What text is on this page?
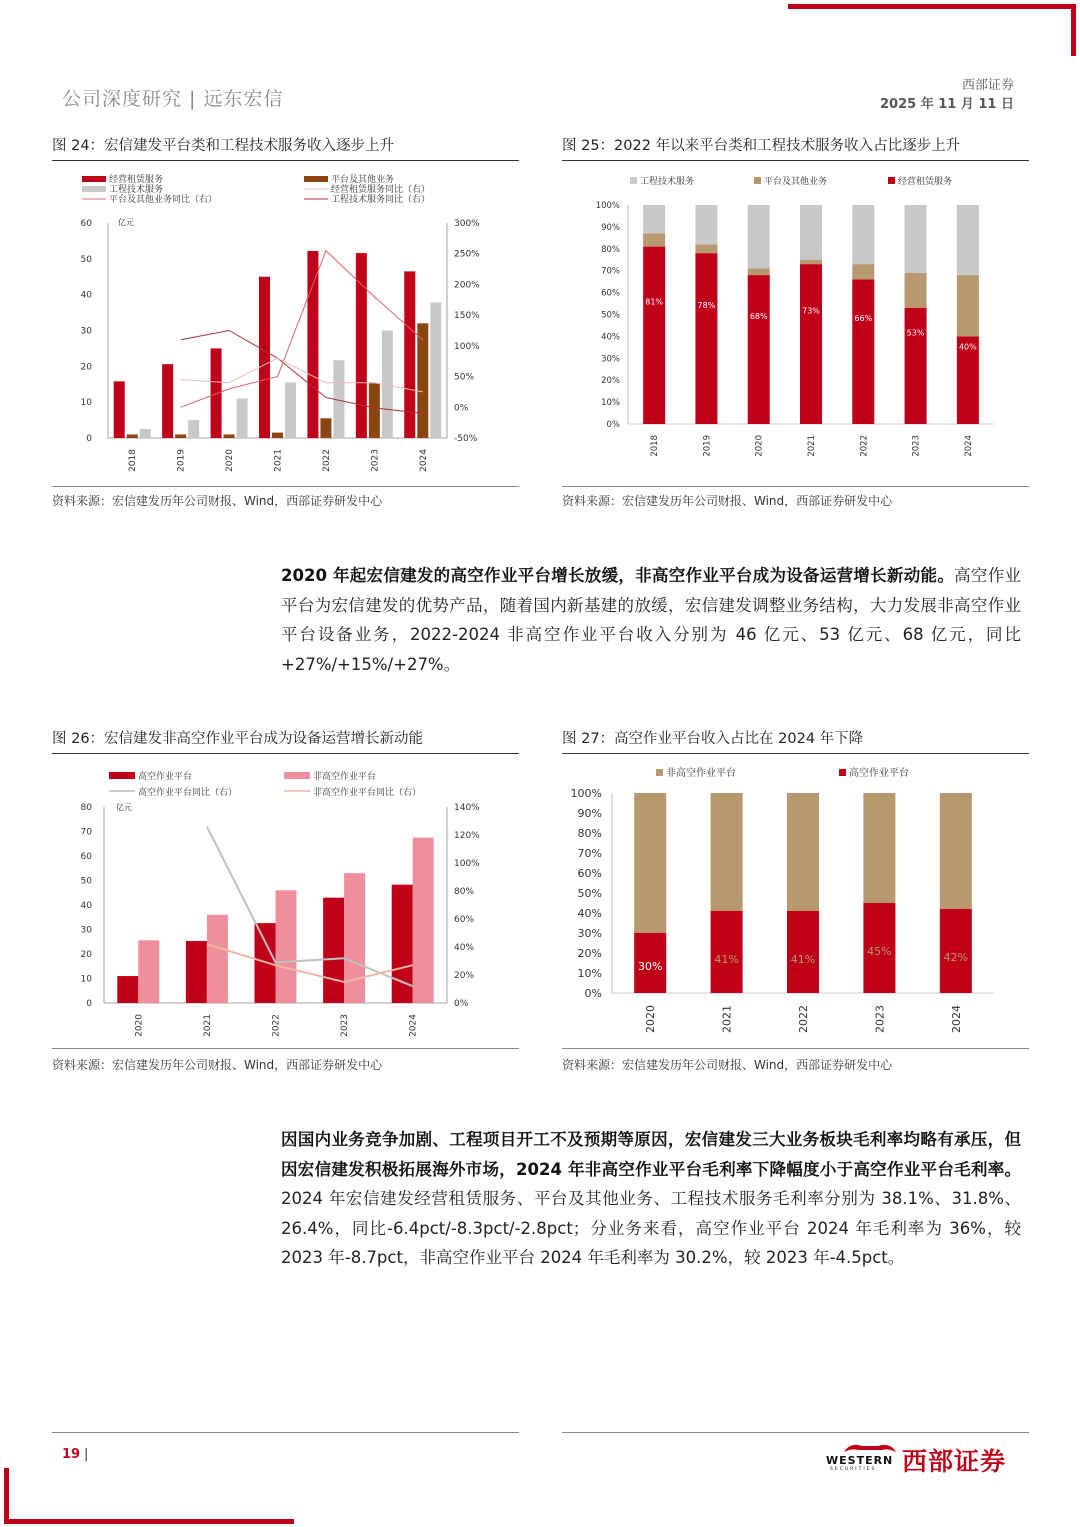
公司深度研究 | 远东宏信
西部证券
2025 年 11 月 11 日
图 24：宏信建发平台类和工程技术服务收入逐步上升
经营租赁服务	平台及其他业务
工程技术服务	经营租赁服务同比（右）
平台及其他业务同比（右）	工程技术服务同比（右）
亿元
60
50
40
30
20
10
0
300%
250%
200%
150%
100%
50%
0%
-50%
2018	2019	2020	2021	2022	2023	2024
资料来源：宏信建发历年公司财报、Wind，西部证券研发中心
图 25：2022 年以来平台类和工程技术服务收入占比逐步上升
工程技术服务	平台及其他业务	经营租赁服务
100%
90%
80%
70%
60%
50%
40%
30%
20%
10%
0%
81%
2018
78%
2019
68%
2020
73%
2021
66%
2022
53%
2023
40%
2024
资料来源：宏信建发历年公司财报、Wind，西部证券研发中心
2020 年起宏信建发的高空作业平台增长放缓，非高空作业平台成为设备运营增长新动能。高空作业平台为宏信建发的优势产品，随着国内新基建的放缓，宏信建发调整业务结构，大力发展非高空作业平台设备业务，2022-2024 非高空作业平台收入分别为 46 亿元、53 亿元、68 亿元，同比+27%/+15%/+27%。
图 26：宏信建发非高空作业平台成为设备运营增长新动能
高空作业平台	非高空作业平台
高空作业平台同比（右）	非高空作业平台同比（右）
亿元
80
70
60
50
40
30
20
10
0
140%
120%
100%
80%
60%
40%
20%
0%
2020	2021	2022	2023	2024
资料来源：宏信建发历年公司财报、Wind，西部证券研发中心
图 27：高空作业平台收入占比在 2024 年下降
非高空作业平台	高空作业平台
100%
90%
80%
70%
60%
50%
40%
30%
20%
10%
0%
30%
2020
41%
2021
41%
2022
45%
2023
42%
2024
资料来源：宏信建发历年公司财报、Wind，西部证券研发中心
因国内业务竞争加剧、工程项目开工不及预期等原因，宏信建发三大业务板块毛利率均略有承压，但因宏信建发积极拓展海外市场，2024 年非高空作业平台毛利率下降幅度小于高空作业平台毛利率。2024 年宏信建发经营租赁服务、平台及其他业务、工程技术服务毛利率分别为 38.1%、31.8%、26.4%，同比-6.4pct/-8.3pct/-2.8pct；分业务来看，高空作业平台 2024 年毛利率为 36%，较 2023 年-8.7pct，非高空作业平台 2024 年毛利率为 30.2%，较 2023 年-4.5pct。
19 |	WESTERN
SECURITIES 西部证券
